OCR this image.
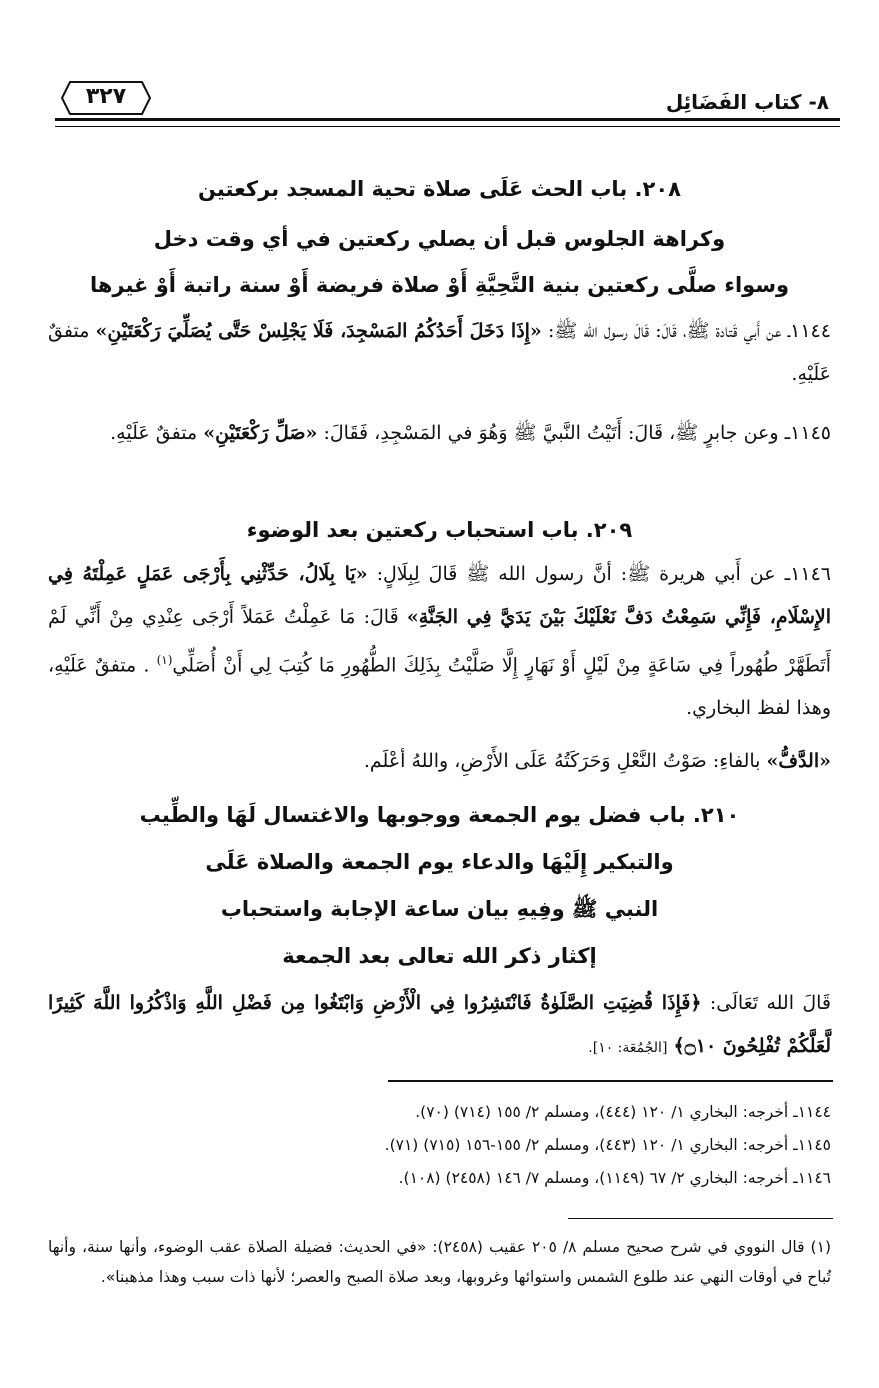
٨- كتاب الفَضَائِل
٣٢٧
٢٠٨. باب الحث عَلَى صلاة تحية المسجد بركعتين
وكراهة الجلوس قبل أن يصلي ركعتين في أي وقت دخل
وسواء صلَّى ركعتين بنية التَّحِيَّةِ أَوْ صلاة فريضة أَوْ سنة راتبة أَوْ غيرها
١١٤٤ـ عن أَبي قَتادة ﷺ، قَالَ: قَالَ رسول الله ﷺ: «إِذَا دَخَلَ أَحَدُكُمُ المَسْجِدَ، فَلَا يَجْلِسْ حَتَّى يُصَلِّيَ رَكْعَتَيْنِ» متفقٌ عَلَيْهِ.
١١٤٥ـ وعن جابرٍ ﷺ، قَالَ: أَتَيْتُ النَّبيَّ ﷺ وَهُوَ في المَسْجِدِ، فَقَالَ: «صَلِّ رَكْعَتَيْنِ» متفقٌ عَلَيْهِ.
٢٠٩. باب استحباب ركعتين بعد الوضوء
١١٤٦ـ عن أَبي هريرة ﷺ: أنَّ رسول الله ﷺ قَالَ لِبِلَالٍ: «يَا بِلَالُ، حَدِّثْنِي بِأَرْجَى عَمَلٍ عَمِلْتَهُ فِي الإِسْلَامِ، فَإِنِّي سَمِعْتُ دَفَّ نَعْلَيْكَ بَيْنَ يَدَيَّ فِي الجَنَّةِ» قَالَ: مَا عَمِلْتُ عَمَلاً أَرْجَى عِنْدِي مِنْ أَنِّي لَمْ أَتَطَهَّرْ طُهُوراً فِي سَاعَةٍ مِنْ لَيْلٍ أَوْ نَهَارٍ إِلَّا صَلَّيْتُ بِذَلِكَ الطُّهُورِ مَا كُتِبَ لِي أَنْ أُصَلِّي$^{(١)}$ . متفقٌ عَلَيْهِ، وهذا لفظ البخاري.
«الدَّفُّ» بالفاءِ: صَوْتُ النَّعْلِ وَحَرَكَتُهُ عَلَى الأَرْضِ، واللهُ أعْلَم.
٢١٠. باب فضل يوم الجمعة ووجوبها والاغتسال لَهَا والطِّيب
والتبكير إِلَيْهَا والدعاء يوم الجمعة والصلاة عَلَى
النبي ﷺ وفِيهِ بيان ساعة الإجابة واستحباب
إكثار ذكر الله تعالى بعد الجمعة
قَالَ الله تَعَالَى: ﴿فَإِذَا قُضِيَتِ الصَّلَوٰةُ فَانْتَشِرُوا فِي الْأَرْضِ وَابْتَغُوا مِن فَضْلِ اللَّهِ وَاذْكُرُوا اللَّهَ كَثِيرًا لَّعَلَّكُمْ تُفْلِحُونَ ۝١٠﴾ [الجُمُعَة: ١٠].
١١٤٤ـ أخرجه: البخاري ١/ ١٢٠ (٤٤٤)، ومسلم ٢/ ١٥٥ (٧١٤) (٧٠).
١١٤٥ـ أخرجه: البخاري ١/ ١٢٠ (٤٤٣)، ومسلم ٢/ ١٥٥-١٥٦ (٧١٥) (٧١).
١١٤٦ـ أخرجه: البخاري ٢/ ٦٧ (١١٤٩)، ومسلم ٧/ ١٤٦ (٢٤٥٨) (١٠٨).
(١) قال النووي في شرح صحيح مسلم ٨/ ٢٠٥ عقيب (٢٤٥٨): «في الحديث: فضيلة الصلاة عقب الوضوء، وأنها سنة، وأنها تُباح في أوقات النهي عند طلوع الشمس واستوائها وغروبها، وبعد صلاة الصبح والعصر؛ لأنها ذات سبب وهذا مذهبنا».
